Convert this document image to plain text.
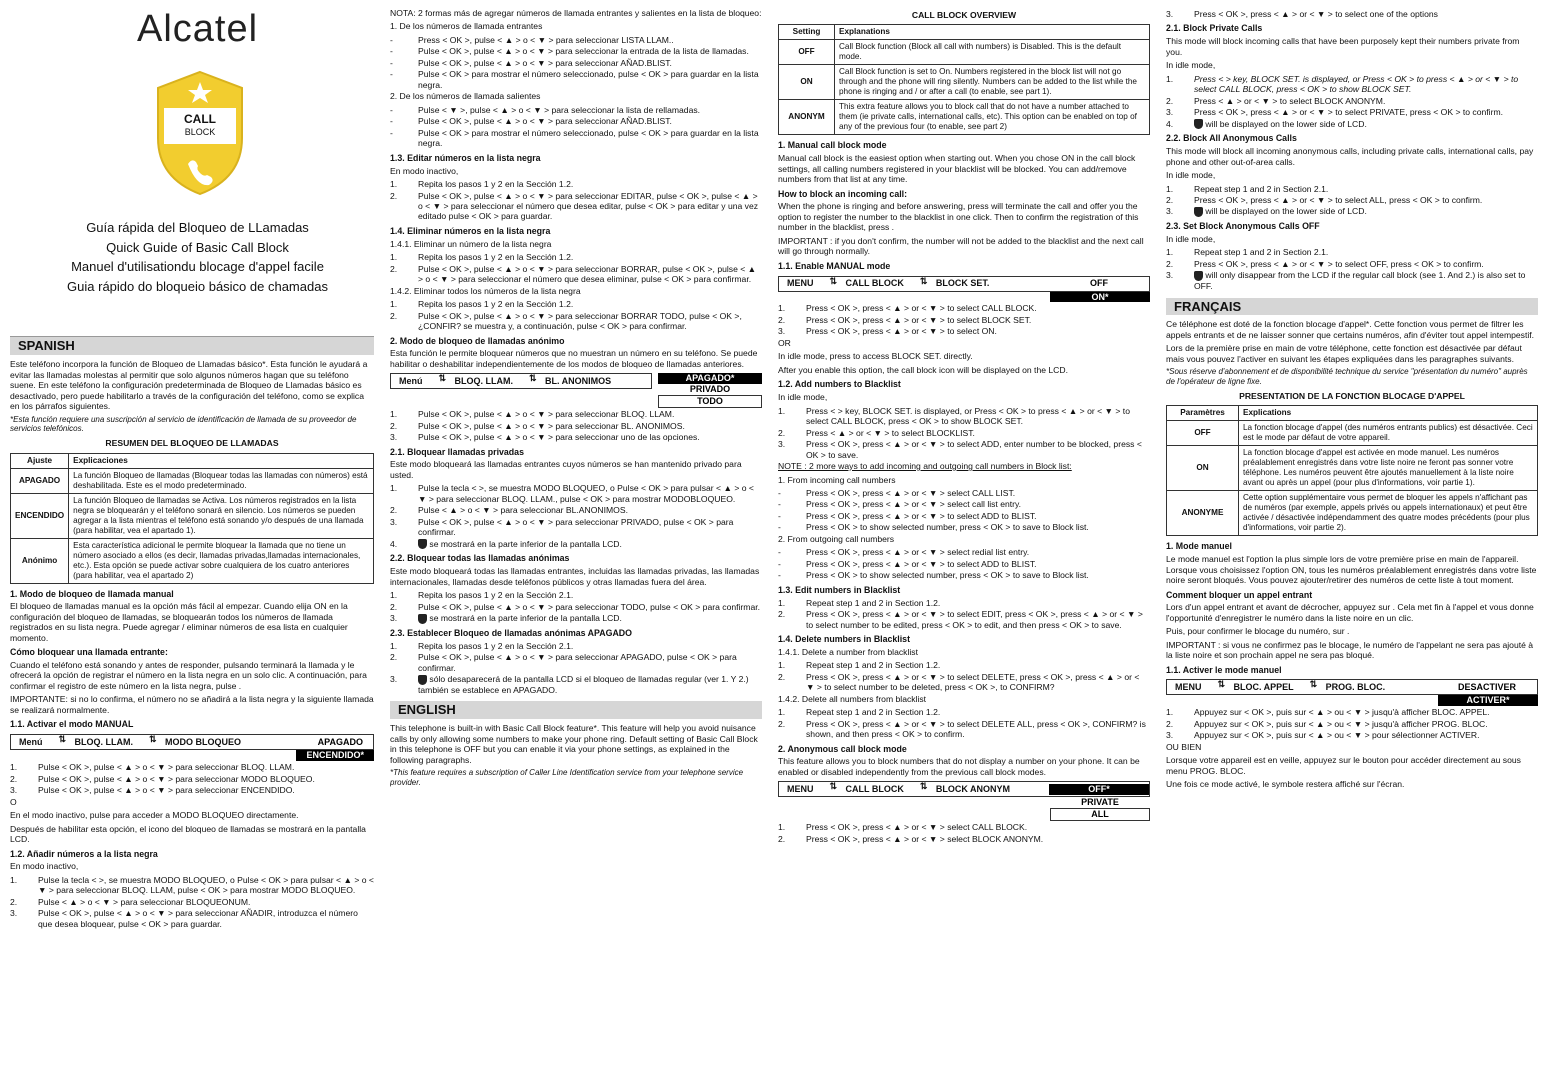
Alcatel
CALL
BLOCK
Guía rápida del Bloqueo de LLamadas
Quick Guide of Basic Call Block
Manuel d'utilisationdu blocage d'appel facile
Guia rápido do bloqueio básico de chamadas
SPANISH

Este teléfono incorpora la función de Bloqueo de Llamadas básico*. Esta función le ayudará a evitar las llamadas molestas al permitir que solo algunos números hagan que su teléfono suene. En este teléfono la configuración predeterminada de Bloqueo de Llamadas básico es desactivado, pero puede habilitarlo a través de la configuración del teléfono, como se explica en los párrafos siguientes.

*Esta función requiere una suscripción al servicio de identificación de llamada de su proveedor de servicios telefónicos.

RESUMEN DEL BLOQUEO DE LLAMADAS
Ajuste	Explicaciones
APAGADO	La función Bloqueo de llamadas (Bloquear todas las llamadas con números) está deshabilitada. Este es el modo predeterminado.
ENCENDIDO	La función Bloqueo de llamadas se Activa. Los números registrados en la lista negra se bloquearán y el teléfono sonará en silencio. Los números se pueden agregar a la lista mientras el teléfono está sonando y/o después de una llamada (para habilitar, vea el apartado 1).
Anónimo	Esta característica adicional le permite bloquear la llamada que no tiene un número asociado a ellos (es decir, llamadas privadas,llamadas internacionales, etc.). Esta opción se puede activar sobre cualquiera de los cuatro anteriores (para habilitar, vea el apartado 2)
1. Modo de bloqueo de llamada manual

El bloqueo de llamadas manual es la opción más fácil al empezar. Cuando elija ON en la configuración del bloqueo de llamadas, se bloquearán todos los números de llamada registrados en su lista negra. Puede agregar / eliminar números de esa lista en cualquier momento.

Cómo bloquear una llamada entrante:

Cuando el teléfono está sonando y antes de responder, pulsando terminará la llamada y le ofrecerá la opción de registrar el número en la lista negra en un solo clic. A continuación, para confirmar el registro de este número en la lista negra, pulse .

IMPORTANTE: si no lo confirma, el número no se añadirá a la lista negra y la siguiente llamada se realizará normalmente.

1.1. Activar el modo MANUAL
Menú	⇅ BLOQ. LLAM.	⇅ MODO BLOQUEO	APAGADO
ENCENDIDO*
1.	Pulse < OK >, pulse < ▲ > o < ▼ > para seleccionar BLOQ. LLAM.
2.	Pulse < OK >, pulse < ▲ > o < ▼ > para seleccionar MODO BLOQUEO.
3.	Pulse < OK >, pulse < ▲ > o < ▼ > para seleccionar ENCENDIDO.

O

En el modo inactivo, pulse para acceder a MODO BLOQUEO directamente.

Después de habilitar esta opción, el icono del bloqueo de llamadas se mostrará en la pantalla LCD.

1.2. Añadir números a la lista negra

En modo inactivo,

1.	Pulse la tecla < >, se muestra MODO BLOQUEO, o Pulse < OK > para pulsar < ▲ > o < ▼ > para seleccionar BLOQ. LLAM, pulse < OK > para mostrar MODO BLOQUEO.
2.	Pulse < ▲ > o < ▼ > para seleccionar BLOQUEONUM.
3.	Pulse < OK >, pulse < ▲ > o < ▼ > para seleccionar AÑADIR, introduzca el número que desea bloquear, pulse < OK > para guardar.

NOTA: 2 formas más de agregar números de llamada entrantes y salientes en la lista de bloqueo:

1. De los números de llamada entrantes

-	Press < OK >, pulse < ▲ > o < ▼ > para seleccionar LISTA LLAM..
-	Pulse < OK >, pulse < ▲ > o < ▼ > para seleccionar la entrada de la lista de llamadas.
-	Pulse < OK >, pulse < ▲ > o < ▼ > para seleccionar AÑAD.BLIST.
-	Pulse < OK > para mostrar el número seleccionado, pulse < OK > para guardar en la lista negra.

2. De los números de llamada salientes

-	Pulse < ▼ >, pulse < ▲ > o < ▼ > para seleccionar la lista de rellamadas.
-	Pulse < OK >, pulse < ▲ > o < ▼ > para seleccionar AÑAD.BLIST.
-	Pulse < OK > para mostrar el número seleccionado, pulse < OK > para guardar en la lista negra.
1.3. Editar números en la lista negra

En modo inactivo,

1.	Repita los pasos 1 y 2 en la Sección 1.2.
2.	Pulse < OK >, pulse < ▲ > o < ▼ > para seleccionar EDITAR, pulse < OK >, pulse < ▲ > o < ▼ > para seleccionar el número que desea editar, pulse < OK > para editar y una vez editado pulse < OK > para guardar.
1.4. Eliminar números en la lista negra

1.4.1. Eliminar un número de la lista negra

1.	Repita los pasos 1 y 2 en la Sección 1.2.
2.	Pulse < OK >, pulse < ▲ > o < ▼ > para seleccionar BORRAR, pulse < OK >, pulse < ▲ > o < ▼ > para seleccionar el número que desea eliminar, pulse < OK > para confirmar.

1.4.2. Eliminar todos los números de la lista negra

1.	Repita los pasos 1 y 2 en la Sección 1.2.
2.	Pulse < OK >, pulse < ▲ > o < ▼ > para seleccionar BORRAR TODO, pulse < OK >, ¿CONFIR? se muestra y, a continuación, pulse < OK > para confirmar.
2. Modo de bloqueo de llamadas anónimo

Esta función le permite bloquear números que no muestran un número en su teléfono. Se puede habilitar o deshabilitar independientemente de los modos de bloqueo de llamadas anteriores.

Menú	⇅ BLOQ. LLAM.	⇅ BL. ANONIMOS	APAGADO*
PRIVADO
TODO
1.	Pulse < OK >, pulse < ▲ > o < ▼ > para seleccionar BLOQ. LLAM.
2.	Pulse < OK >, pulse < ▲ > o < ▼ > para seleccionar BL. ANONIMOS.
3.	Pulse < OK >, pulse < ▲ > o < ▼ > para seleccionar uno de las opciones.
2.1. Bloquear llamadas privadas

Este modo bloqueará las llamadas entrantes cuyos números se han mantenido privado para usted.

1.	Pulse la tecla < >, se muestra MODO BLOQUEO, o Pulse < OK > para pulsar < ▲ > o < ▼ > para seleccionar BLOQ. LLAM., pulse < OK > para mostrar MODOBLOQUEO.
2.	Pulse < ▲ > o < ▼ > para seleccionar BL.ANONIMOS.
3.	Pulse < OK >, pulse < ▲ > o < ▼ > para seleccionar PRIVADO, pulse < OK > para confirmar.
4.	se mostrará en la parte inferior de la pantalla LCD.
2.2. Bloquear todas las llamadas anónimas

Este modo bloqueará todas las llamadas entrantes, incluidas las llamadas privadas, las llamadas internacionales, llamadas desde teléfonos públicos y otras llamadas fuera del área.

1.	Repita los pasos 1 y 2 en la Sección 2.1.
2.	Pulse < OK >, pulse < ▲ > o < ▼ > para seleccionar TODO, pulse < OK > para confirmar.
3.	se mostrará en la parte inferior de la pantalla LCD.
2.3. Establecer Bloqueo de llamadas anónimas APAGADO
1.	Repita los pasos 1 y 2 en la Sección 2.1.
2.	Pulse < OK >, pulse < ▲ > o < ▼ > para seleccionar APAGADO, pulse < OK > para confirmar.
3.	sólo desaparecerá de la pantalla LCD si el bloqueo de llamadas regular (ver 1. Y 2.) también se establece en APAGADO.
ENGLISH

This telephone is built-in with Basic Call Block feature*. This feature will help you avoid nuisance calls by only allowing some numbers to make your phone ring. Default setting of Basic Call Block in this telephone is OFF but you can enable it via your phone settings, as explained in the following paragraphs.

*This feature requires a subscription of Caller Line Identification service from your telephone service provider.

CALL BLOCK OVERVIEW
Setting	Explanations
OFF	Call Block function (Block all call with numbers) is Disabled. This is the default mode.
ON	Call Block function is set to On. Numbers registered in the block list will not go through and the phone will ring silently. Numbers can be added to the list while the phone is ringing and / or after a call (to enable, see part 1).
ANONYM	This extra feature allows you to block call that do not have a number attached to them (ie private calls, international calls, etc). This option can be enabled on top of any of the previous four (to enable, see part 2)
1. Manual call block mode

Manual call block is the easiest option when starting out. When you chose ON in the call block settings, all calling numbers registered in your blacklist will be blocked. You can add/remove numbers from that list at any time.

How to block an incoming call:

When the phone is ringing and before answering, press will terminate the call and offer you the option to register the number to the blacklist in one click. Then to confirm the registration of this number in the blacklist, press .

IMPORTANT : if you don't confirm, the number will not be added to the blacklist and the next call will go through normally.

1.1. Enable MANUAL mode
MENU	⇅ CALL BLOCK	⇅ BLOCK SET.	OFF
ON*
1.	Press < OK >, press < ▲ > or < ▼ > to select CALL BLOCK.
2.	Press < OK >, press < ▲ > or < ▼ > to select BLOCK SET.
3.	Press < OK >, press < ▲ > or < ▼ > to select ON.

OR

In idle mode, press to access BLOCK SET. directly.

After you enable this option, the call block icon will be displayed on the LCD.

1.2. Add numbers to Blacklist

In idle mode,

1.	Press < > key, BLOCK SET. is displayed, or Press < OK > to press < ▲ > or < ▼ > to select CALL BLOCK, press < OK > to show BLOCK SET.
2.	Press < ▲ > or < ▼ > to select BLOCKLIST.
3.	Press < OK >, press < ▲ > or < ▼ > to select ADD, enter number to be blocked, press < OK > to save.

NOTE : 2 more ways to add incoming and outgoing call numbers in Block list:

1. From incoming call numbers

-	Press < OK >, press < ▲ > or < ▼ > select CALL LIST.
-	Press < OK >, press < ▲ > or < ▼ > select call list entry.
-	Press < OK >, press < ▲ > or < ▼ > to select ADD to BLIST.
-	Press < OK > to show selected number, press < OK > to save to Block list.

2. From outgoing call numbers

-	Press < OK >, press < ▲ > or < ▼ > select redial list entry.
-	Press < OK >, press < ▲ > or < ▼ > to select ADD to BLIST.
-	Press < OK > to show selected number, press < OK > to save to Block list.
1.3. Edit numbers in Blacklist
1.	Repeat step 1 and 2 in Section 1.2.
2.	Press < OK >, press < ▲ > or < ▼ > to select EDIT, press < OK >, press < ▲ > or < ▼ > to select number to be edited, press < OK > to edit, and then press < OK > to save.
1.4. Delete numbers in Blacklist

1.4.1. Delete a number from blacklist

1.	Repeat step 1 and 2 in Section 1.2.
2.	Press < OK >, press < ▲ > or < ▼ > to select DELETE, press < OK >, press < ▲ > or < ▼ > to select number to be deleted, press < OK >, to CONFIRM?

1.4.2. Delete all numbers from blacklist

1.	Repeat step 1 and 2 in Section 1.2.
2.	Press < OK >, press < ▲ > or < ▼ > to select DELETE ALL, press < OK >, CONFIRM? is shown, and then press < OK > to confirm.
2. Anonymous call block mode

This feature allows you to block numbers that do not display a number on your phone. It can be enabled or disabled independently from the previous call block modes.

MENU	⇅ CALL BLOCK	⇅ BLOCK ANONYM	OFF*
PRIVATE
ALL
1.	Press < OK >, press < ▲ > or < ▼ > select CALL BLOCK.
2.	Press < OK >, press < ▲ > or < ▼ > select BLOCK ANONYM.
3.	Press < OK >, press < ▲ > or < ▼ > to select one of the options
2.1. Block Private Calls

This mode will block incoming calls that have been purposely kept their numbers private from you.

In idle mode,

1.	Press < > key, BLOCK SET. is displayed, or Press < OK > to press < ▲ > or < ▼ > to select CALL BLOCK, press < OK > to show BLOCK SET.
2.	Press < ▲ > or < ▼ > to select BLOCK ANONYM.
3.	Press < OK >, press < ▲ > or < ▼ > to select PRIVATE, press < OK > to confirm.
4.	will be displayed on the lower side of LCD.
2.2. Block All Anonymous Calls

This mode will block all incoming anonymous calls, including private calls, international calls, pay phone and other out-of-area calls.

In idle mode,

1.	Repeat step 1 and 2 in Section 2.1.
2.	Press < OK >, press < ▲ > or < ▼ > to select ALL, press < OK > to confirm.
3.	will be displayed on the lower side of LCD.
2.3. Set Block Anonymous Calls OFF

In idle mode,

1.	Repeat step 1 and 2 in Section 2.1.
2.	Press < OK >, press < ▲ > or < ▼ > to select OFF, press < OK > to confirm.
3.	will only disappear from the LCD if the regular call block (see 1. And 2.) is also set to OFF.
FRANÇAIS

Ce téléphone est doté de la fonction blocage d'appel*. Cette fonction vous permet de filtrer les appels entrants et de ne laisser sonner que certains numéros, afin d'éviter tout appel intempestif.

Lors de la première prise en main de votre téléphone, cette fonction est désactivée par défaut mais vous pouvez l'activer en suivant les étapes expliquées dans les paragraphes suivants.

*Sous réserve d'abonnement et de disponibilité technique du service "présentation du numéro" auprès de l'opérateur de ligne fixe.

PRESENTATION DE LA FONCTION BLOCAGE D'APPEL
Paramètres	Explications
OFF	La fonction blocage d'appel (des numéros entrants publics) est désactivée. Ceci est le mode par défaut de votre appareil.
ON	La fonction blocage d'appel est activée en mode manuel. Les numéros préalablement enregistrés dans votre liste noire ne feront pas sonner votre téléphone. Les numéros peuvent être ajoutés manuellement à la liste noire avant ou après un appel (pour plus d'informations, voir partie 1).
ANONYME	Cette option supplémentaire vous permet de bloquer les appels n'affichant pas de numéros (par exemple, appels privés ou appels internationaux) et peut être activée / désactivée indépendamment des quatre modes précédents (pour plus d'informations, voir partie 2).
1. Mode manuel

Le mode manuel est l'option la plus simple lors de votre première prise en main de l'appareil. Lorsque vous choisissez l'option ON, tous les numéros préalablement enregistrés dans votre liste noire seront bloqués. Vous pouvez ajouter/retirer des numéros de cette liste à tout moment.

Comment bloquer un appel entrant

Lors d'un appel entrant et avant de décrocher, appuyez sur . Cela met fin à l'appel et vous donne l'opportunité d'enregistrer le numéro dans la liste noire en un clic.

Puis, pour confirmer le blocage du numéro, sur .

IMPORTANT : si vous ne confirmez pas le blocage, le numéro de l'appelant ne sera pas ajouté à la liste noire et son prochain appel ne sera pas bloqué.

1.1. Activer le mode manuel
MENU	⇅ BLOC. APPEL	⇅ PROG. BLOC.	DESACTIVER
ACTIVER*
1.	Appuyez sur < OK >, puis sur < ▲ > ou < ▼ > jusqu'à afficher BLOC. APPEL.
2.	Appuyez sur < OK >, puis sur < ▲ > ou < ▼ > jusqu'à afficher PROG. BLOC.
3.	Appuyez sur < OK >, puis sur < ▲ > ou < ▼ > pour sélectionner ACTIVER.

OU BIEN

Lorsque votre appareil est en veille, appuyez sur le bouton pour accéder directement au sous menu PROG. BLOC.

Une fois ce mode activé, le symbole restera affiché sur l'écran.
